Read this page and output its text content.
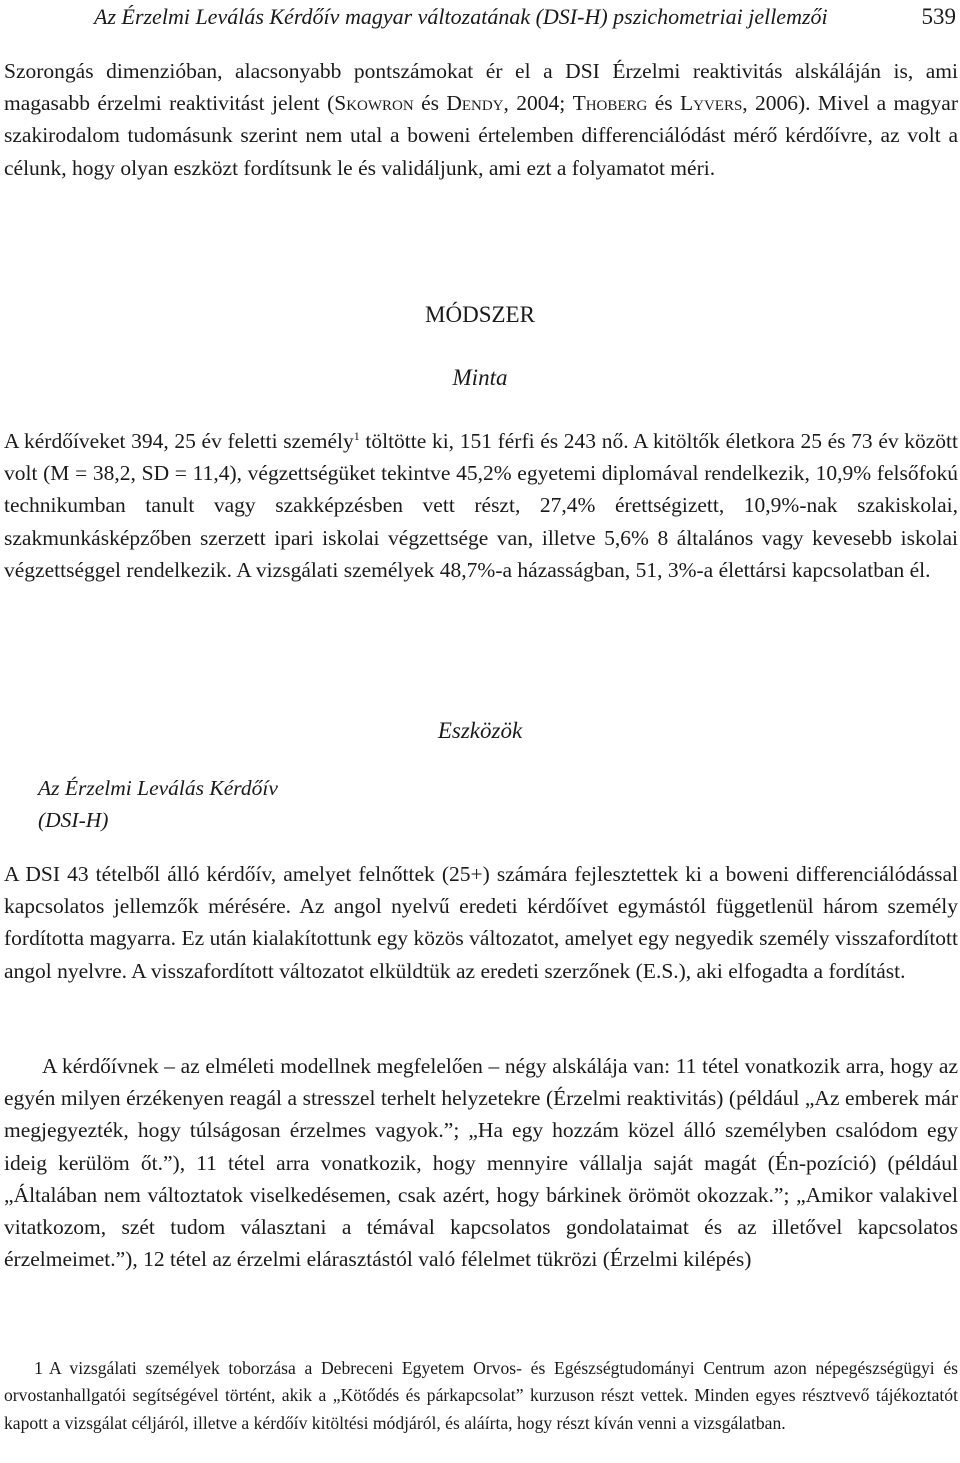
Az Érzelmi Leválás Kérdőív magyar változatának (DSI-H) pszichometriai jellemzői	539

Szorongás dimenzióban, alacsonyabb pontszámokat ér el a DSI Érzelmi reaktivitás alskáláján is, ami magasabb érzelmi reaktivitást jelent (Skowron és Dendy, 2004; Thoberg és Lyvers, 2006). Mivel a magyar szakirodalom tudomásunk szerint nem utal a boweni értelemben differenciálódást mérő kérdőívre, az volt a célunk, hogy olyan eszközt fordítsunk le és validáljunk, ami ezt a folyamatot méri.

MÓDSZER
Minta

A kérdőíveket 394, 25 év feletti személy$^1$ töltötte ki, 151 férfi és 243 nő. A kitöltők életkora 25 és 73 év között volt (M = 38,2, SD = 11,4), végzettségüket tekintve 45,2% egyetemi diplomával rendelkezik, 10,9% felsőfokú technikumban tanult vagy szakképzésben vett részt, 27,4% érettségizett, 10,9%-nak szakiskolai, szakmunkásképzőben szerzett ipari iskolai végzettsége van, illetve 5,6% 8 általános vagy kevesebb iskolai végzettséggel rendelkezik. A vizsgálati személyek 48,7%-a házasságban, 51, 3%-a élettársi kapcsolatban él.

Eszközök
Az Érzelmi Leválás Kérdőív
(DSI-H)

A DSI 43 tételből álló kérdőív, amelyet felnőttek (25+) számára fejlesztettek ki a boweni differenciálódással kapcsolatos jellemzők mérésére. Az angol nyelvű eredeti kérdőívet egymástól függetlenül három személy fordította magyarra. Ez után kialakítottunk egy közös változatot, amelyet egy negyedik személy visszafordított angol nyelvre. A visszafordított változatot elküldtük az eredeti szerzőnek (E.S.), aki elfogadta a fordítást.

A kérdőívnek – az elméleti modellnek megfelelően – négy alskálája van: 11 tétel vonatkozik arra, hogy az egyén milyen érzékenyen reagál a stresszel terhelt helyzetekre (Érzelmi reaktivitás) (például „Az emberek már megjegyezték, hogy túlságosan érzelmes vagyok.”; „Ha egy hozzám közel álló személyben csalódom egy ideig kerülöm őt.”), 11 tétel arra vonatkozik, hogy mennyire vállalja saját magát (Én-pozíció) (például „Általában nem változtatok viselkedésemen, csak azért, hogy bárkinek örömöt okozzak.”; „Amikor valakivel vitatkozom, szét tudom választani a témával kapcsolatos gondolataimat és az illetővel kapcsolatos érzelmeimet.”), 12 tétel az érzelmi elárasztástól való félelmet tükrözi (Érzelmi kilépés)

1 A vizsgálati személyek toborzása a Debreceni Egyetem Orvos- és Egészségtudományi Centrum azon népegészségügyi és orvostanhallgatói segítségével történt, akik a „Kötődés és párkapcsolat” kurzuson részt vettek. Minden egyes résztvevő tájékoztatót kapott a vizsgálat céljáról, illetve a kérdőív kitöltési módjáról, és aláírta, hogy részt kíván venni a vizsgálatban.
